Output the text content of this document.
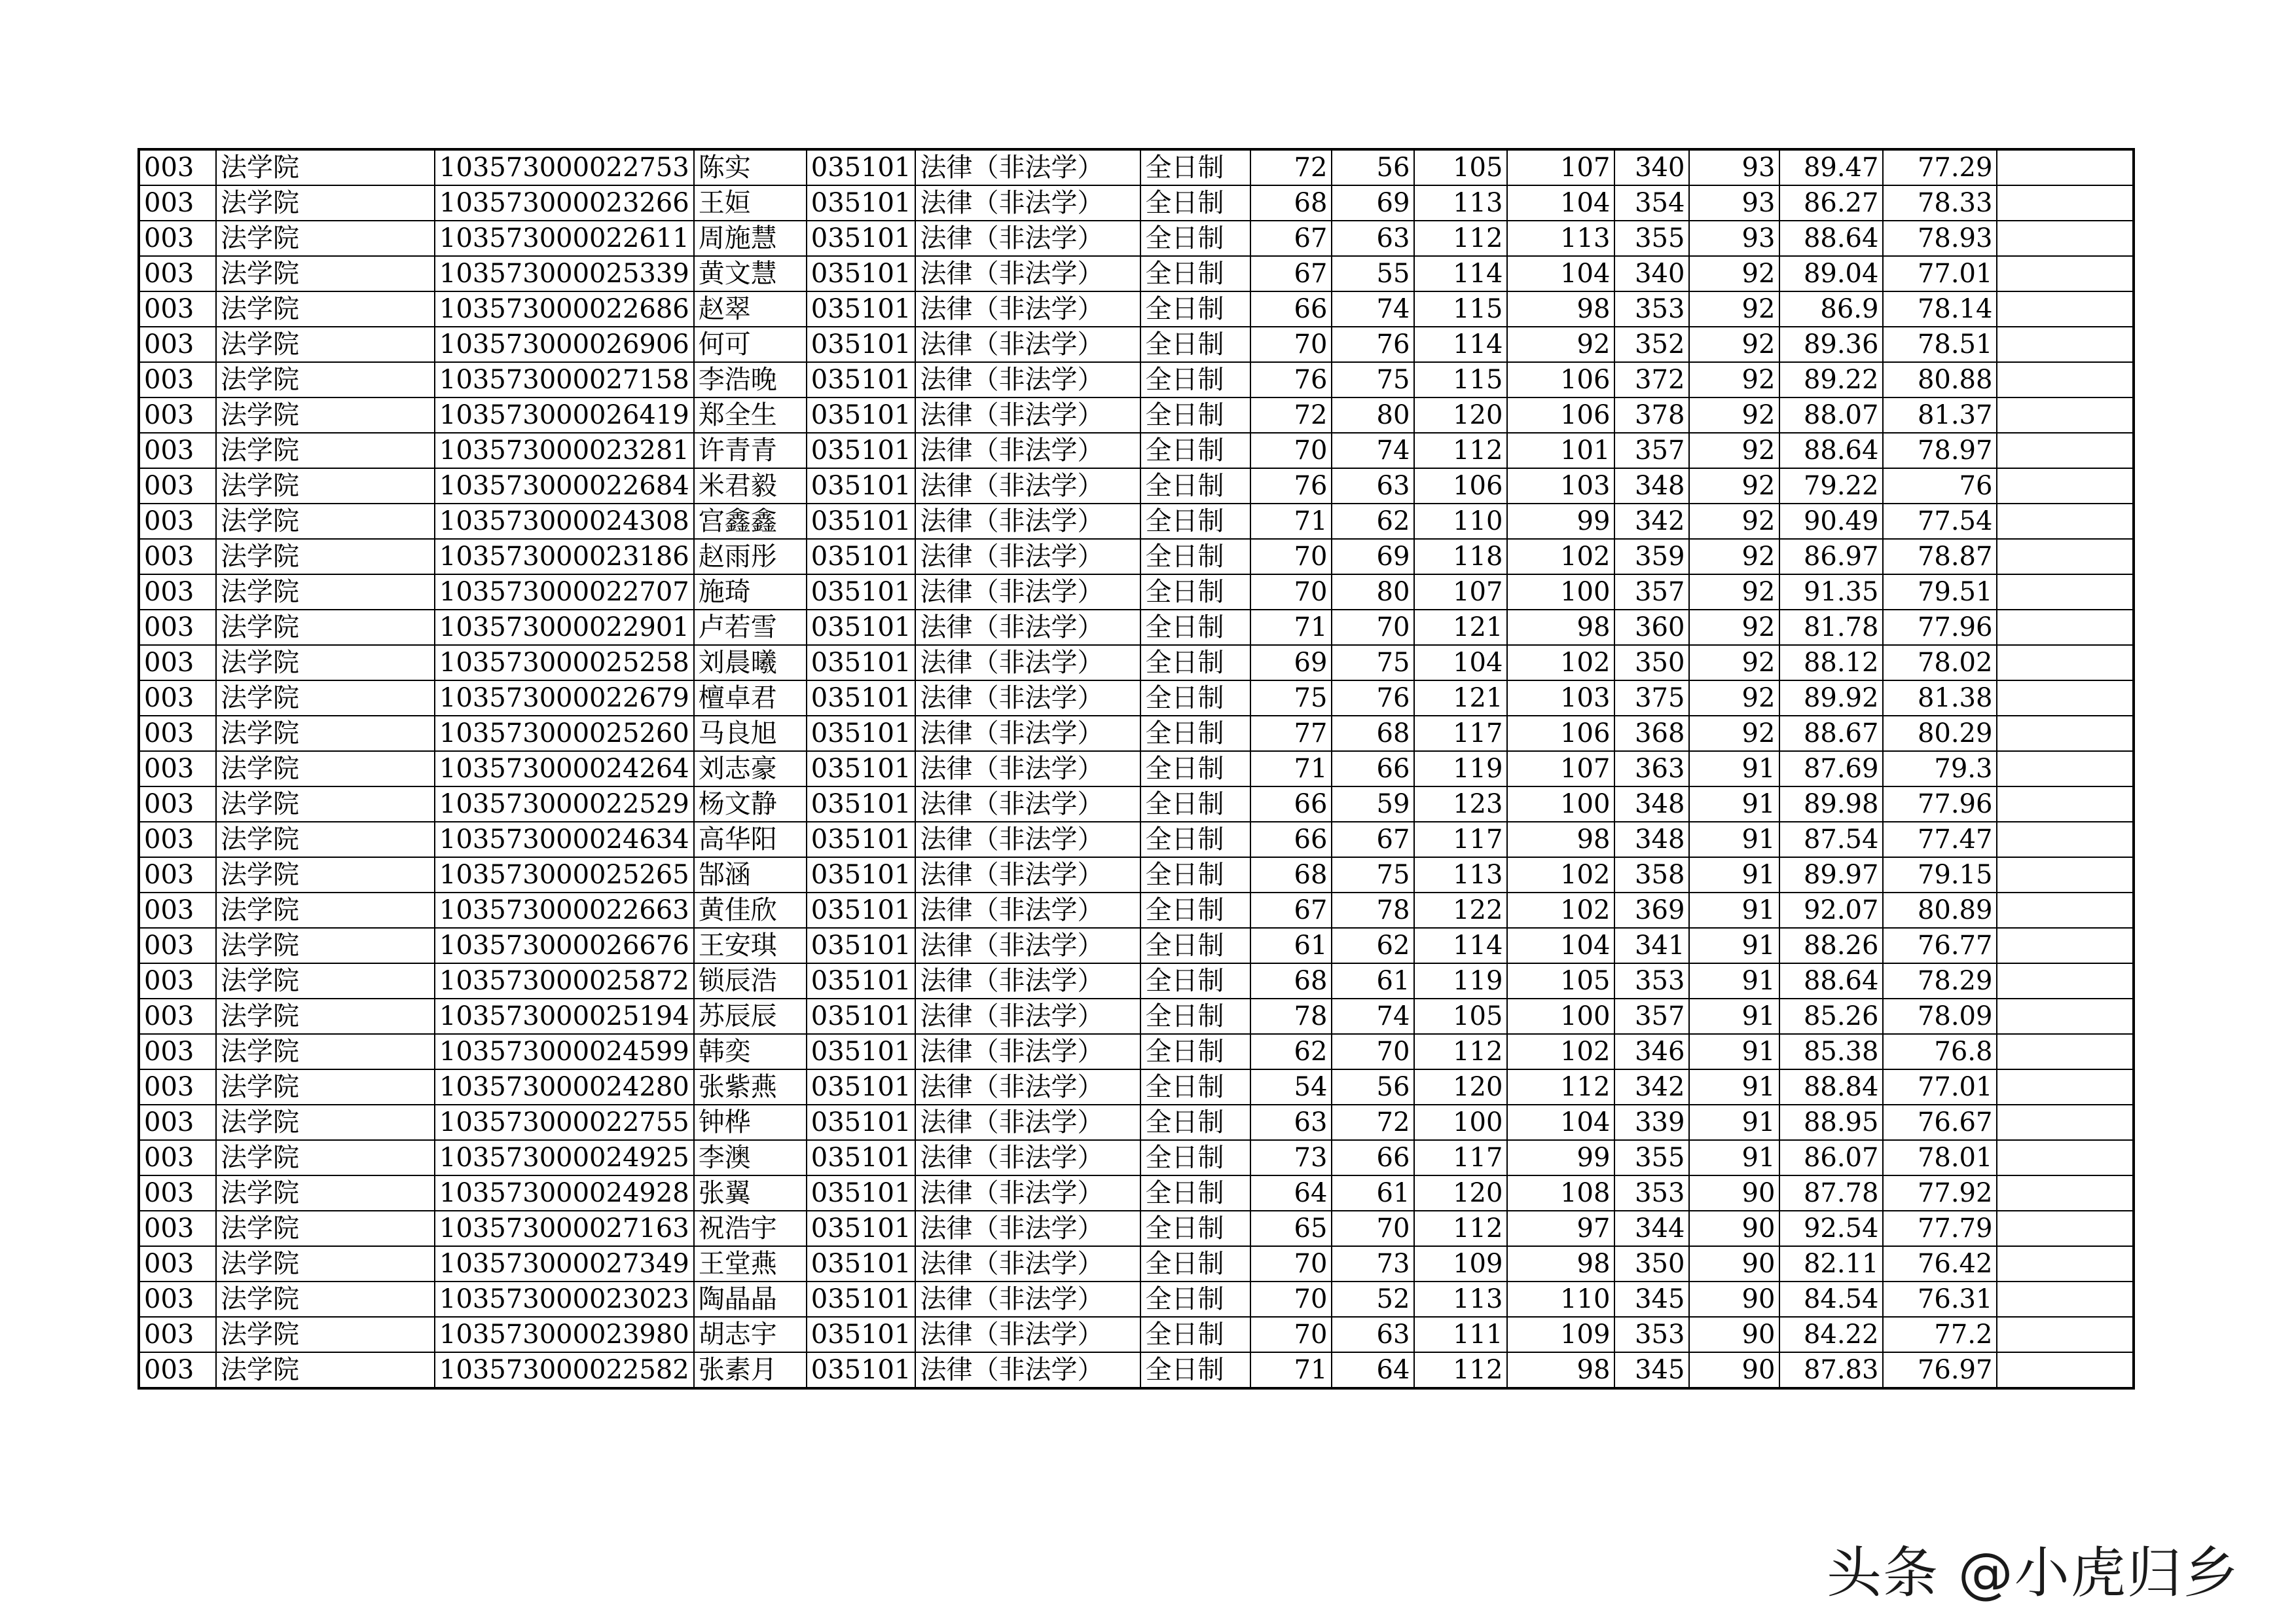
003	法学院	103573000022753	陈实	035101	法律（非法学）	全日制	72	56	105	107	340	93	89.47	77.29	
003	法学院	103573000023266	王姮	035101	法律（非法学）	全日制	68	69	113	104	354	93	86.27	78.33	
003	法学院	103573000022611	周施慧	035101	法律（非法学）	全日制	67	63	112	113	355	93	88.64	78.93	
003	法学院	103573000025339	黄文慧	035101	法律（非法学）	全日制	67	55	114	104	340	92	89.04	77.01	
003	法学院	103573000022686	赵翠	035101	法律（非法学）	全日制	66	74	115	98	353	92	86.9	78.14	
003	法学院	103573000026906	何可	035101	法律（非法学）	全日制	70	76	114	92	352	92	89.36	78.51	
003	法学院	103573000027158	李浩晚	035101	法律（非法学）	全日制	76	75	115	106	372	92	89.22	80.88	
003	法学院	103573000026419	郑全生	035101	法律（非法学）	全日制	72	80	120	106	378	92	88.07	81.37	
003	法学院	103573000023281	许青青	035101	法律（非法学）	全日制	70	74	112	101	357	92	88.64	78.97	
003	法学院	103573000022684	米君毅	035101	法律（非法学）	全日制	76	63	106	103	348	92	79.22	76	
003	法学院	103573000024308	宫鑫鑫	035101	法律（非法学）	全日制	71	62	110	99	342	92	90.49	77.54	
003	法学院	103573000023186	赵雨彤	035101	法律（非法学）	全日制	70	69	118	102	359	92	86.97	78.87	
003	法学院	103573000022707	施琦	035101	法律（非法学）	全日制	70	80	107	100	357	92	91.35	79.51	
003	法学院	103573000022901	卢若雪	035101	法律（非法学）	全日制	71	70	121	98	360	92	81.78	77.96	
003	法学院	103573000025258	刘晨曦	035101	法律（非法学）	全日制	69	75	104	102	350	92	88.12	78.02	
003	法学院	103573000022679	檀卓君	035101	法律（非法学）	全日制	75	76	121	103	375	92	89.92	81.38	
003	法学院	103573000025260	马良旭	035101	法律（非法学）	全日制	77	68	117	106	368	92	88.67	80.29	
003	法学院	103573000024264	刘志豪	035101	法律（非法学）	全日制	71	66	119	107	363	91	87.69	79.3	
003	法学院	103573000022529	杨文静	035101	法律（非法学）	全日制	66	59	123	100	348	91	89.98	77.96	
003	法学院	103573000024634	高华阳	035101	法律（非法学）	全日制	66	67	117	98	348	91	87.54	77.47	
003	法学院	103573000025265	郜涵	035101	法律（非法学）	全日制	68	75	113	102	358	91	89.97	79.15	
003	法学院	103573000022663	黄佳欣	035101	法律（非法学）	全日制	67	78	122	102	369	91	92.07	80.89	
003	法学院	103573000026676	王安琪	035101	法律（非法学）	全日制	61	62	114	104	341	91	88.26	76.77	
003	法学院	103573000025872	锁辰浩	035101	法律（非法学）	全日制	68	61	119	105	353	91	88.64	78.29	
003	法学院	103573000025194	苏辰辰	035101	法律（非法学）	全日制	78	74	105	100	357	91	85.26	78.09	
003	法学院	103573000024599	韩奕	035101	法律（非法学）	全日制	62	70	112	102	346	91	85.38	76.8	
003	法学院	103573000024280	张紫燕	035101	法律（非法学）	全日制	54	56	120	112	342	91	88.84	77.01	
003	法学院	103573000022755	钟桦	035101	法律（非法学）	全日制	63	72	100	104	339	91	88.95	76.67	
003	法学院	103573000024925	李澳	035101	法律（非法学）	全日制	73	66	117	99	355	91	86.07	78.01	
003	法学院	103573000024928	张翼	035101	法律（非法学）	全日制	64	61	120	108	353	90	87.78	77.92	
003	法学院	103573000027163	祝浩宇	035101	法律（非法学）	全日制	65	70	112	97	344	90	92.54	77.79	
003	法学院	103573000027349	王堂燕	035101	法律（非法学）	全日制	70	73	109	98	350	90	82.11	76.42	
003	法学院	103573000023023	陶晶晶	035101	法律（非法学）	全日制	70	52	113	110	345	90	84.54	76.31	
003	法学院	103573000023980	胡志宇	035101	法律（非法学）	全日制	70	63	111	109	353	90	84.22	77.2	
003	法学院	103573000022582	张素月	035101	法律（非法学）	全日制	71	64	112	98	345	90	87.83	76.97	
头条 @小虎归乡
